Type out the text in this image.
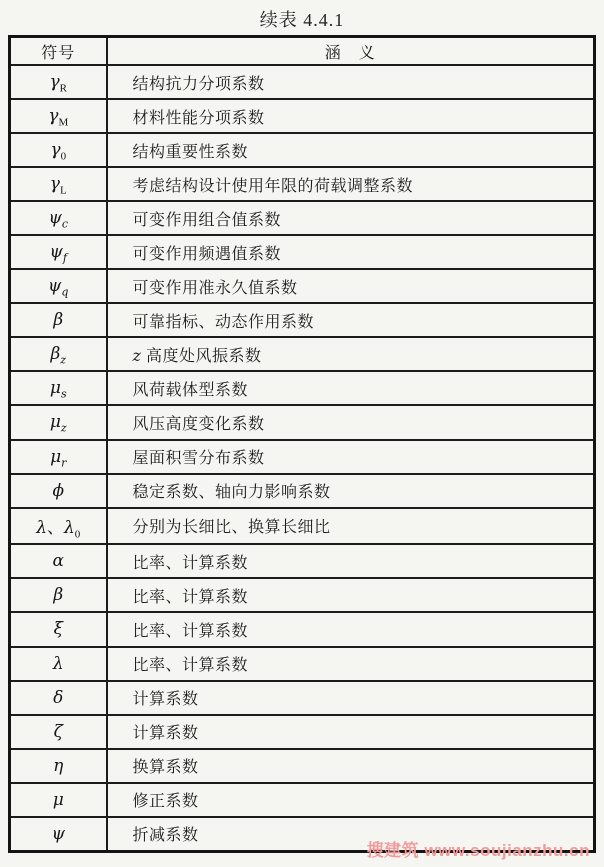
续表 4.4.1
符号	涵　义
$\gamma_R$	结构抗力分项系数
$\gamma_M$	材料性能分项系数
$\gamma_0$	结构重要性系数
$\gamma_L$	考虑结构设计使用年限的荷载调整系数
$\psi_c$	可变作用组合值系数
$\psi_f$	可变作用频遇值系数
$\psi_q$	可变作用准永久值系数
β	可靠指标、动态作用系数
$\beta_z$	z 高度处风振系数
$\mu_s$	风荷载体型系数
$\mu_z$	风压高度变化系数
$\mu_r$	屋面积雪分布系数
ϕ	稳定系数、轴向力影响系数
λ、$\lambda_0$	分别为长细比、换算长细比
α	比率、计算系数
β	比率、计算系数
ξ	比率、计算系数
λ	比率、计算系数
δ	计算系数
ζ	计算系数
η	换算系数
μ	修正系数
ψ	折减系数
搜建筑 www.soujianzhu.cn
